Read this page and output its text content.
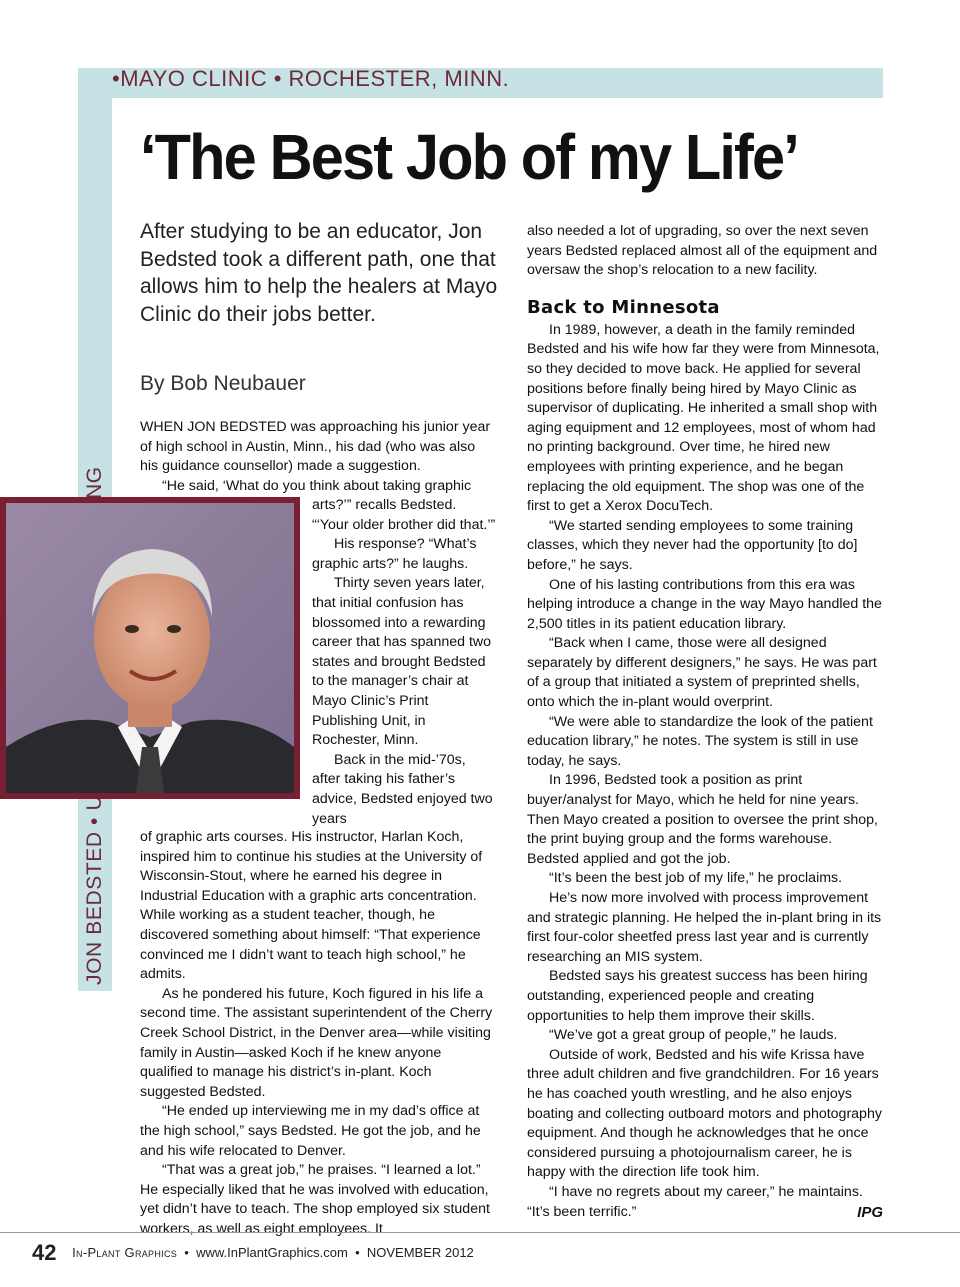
•MAYO CLINIC • ROCHESTER, MINN.
‘The Best Job of my Life’
After studying to be an educator, Jon Bedsted took a different path, one that allows him to help the healers at Mayo Clinic do their jobs better.
By Bob Neubauer

WHEN JON BEDSTED was approaching his junior year of high school in Austin, Minn., his dad (who was also his guidance counsellor) made a suggestion.

“He said, ‘What do you think about taking graphic

arts?’” recalls Bedsted. “‘Your older brother did that.’”

His response? “What’s graphic arts?” he laughs.

Thirty seven years later, that initial confusion has blossomed into a rewarding career that has spanned two states and brought Bedsted to the manager’s chair at Mayo Clinic’s Print Publishing Unit, in Rochester, Minn.

Back in the mid-’70s, after taking his father’s advice, Bedsted enjoyed two years

of graphic arts courses. His instructor, Harlan Koch, inspired him to continue his studies at the University of Wisconsin-Stout, where he earned his degree in Industrial Education with a graphic arts concentration. While working as a student teacher, though, he discovered something about himself: “That experience convinced me I didn’t want to teach high school,” he admits.

As he pondered his future, Koch figured in his life a second time. The assistant superintendent of the Cherry Creek School District, in the Denver area—while visiting family in Austin—asked Koch if he knew anyone qualified to manage his district’s in-plant. Koch suggested Bedsted.

“He ended up interviewing me in my dad’s office at the high school,” says Bedsted. He got the job, and he and his wife relocated to Denver.

“That was a great job,” he praises. “I learned a lot.” He especially liked that he was involved with education, yet didn’t have to teach. The shop employed six student workers, as well as eight employees. It

also needed a lot of upgrading, so over the next seven years Bedsted replaced almost all of the equipment and oversaw the shop’s relocation to a new facility.

Back to Minnesota

In 1989, however, a death in the family reminded Bedsted and his wife how far they were from Minnesota, so they decided to move back. He applied for several positions before finally being hired by Mayo Clinic as supervisor of duplicating. He inherited a small shop with aging equipment and 12 employees, most of whom had no printing background. Over time, he hired new employees with printing experience, and he began replacing the old equipment. The shop was one of the first to get a Xerox DocuTech.

“We started sending employees to some training classes, which they never had the opportunity [to do] before,” he says.

One of his lasting contributions from this era was helping introduce a change in the way Mayo handled the 2,500 titles in its patient education library.

“Back when I came, those were all designed separately by different designers,” he says. He was part of a group that initiated a system of preprinted shells, onto which the in-plant would overprint.

“We were able to standardize the look of the patient education library,” he notes. The system is still in use today, he says.

In 1996, Bedsted took a position as print buyer/analyst for Mayo, which he held for nine years. Then Mayo created a position to oversee the print shop, the print buying group and the forms warehouse. Bedsted applied and got the job.

“It’s been the best job of my life,” he proclaims.

He’s now more involved with process improvement and strategic planning. He helped the in-plant bring in its first four-color sheetfed press last year and is currently researching an MIS system.

Bedsted says his greatest success has been hiring outstanding, experienced people and creating opportunities to help them improve their skills.

“We’ve got a great group of people,” he lauds.

Outside of work, Bedsted and his wife Krissa have three adult children and five grandchildren. For 16 years he has coached youth wrestling, and he also enjoys boating and collecting outboard motors and photography equipment. And though he acknowledges that he once considered pursuing a photojournalism career, he is happy with the direction life took him.

“I have no regrets about my career,” he maintains.

“It’s been terrific.”	IPG

42 In-Plant Graphics • www.InPlantGraphics.com • NOVEMBER 2012
